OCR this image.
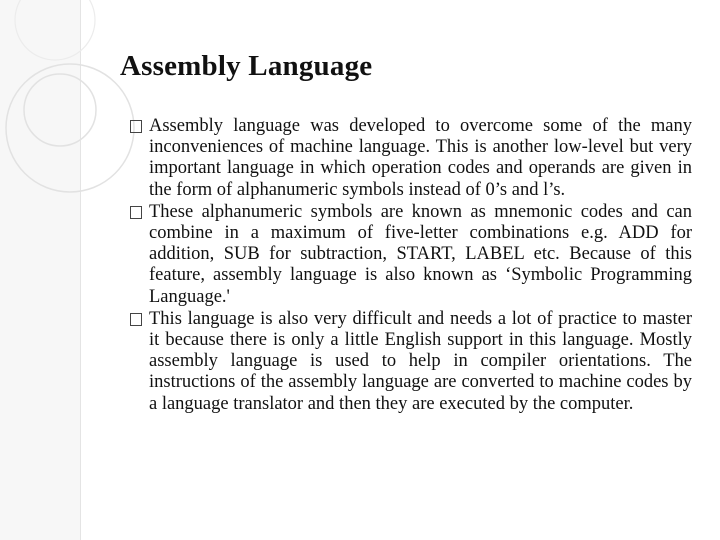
Assembly Language
Assembly language was developed to overcome some of the many inconveniences of machine language. This is another low-level but very important language in which operation codes and operands are given in the form of alphanumeric symbols instead of 0’s and l’s.
These alphanumeric symbols are known as mnemonic codes and can combine in a maximum of five-letter combinations e.g. ADD for addition, SUB for subtraction, START, LABEL etc. Because of this feature, assembly language is also known as ‘Symbolic Programming Language.'
This language is also very difficult and needs a lot of practice to master it because there is only a little English support in this language. Mostly assembly language is used to help in compiler orientations. The instructions of the assembly language are converted to machine codes by a language translator and then they are executed by the computer.
